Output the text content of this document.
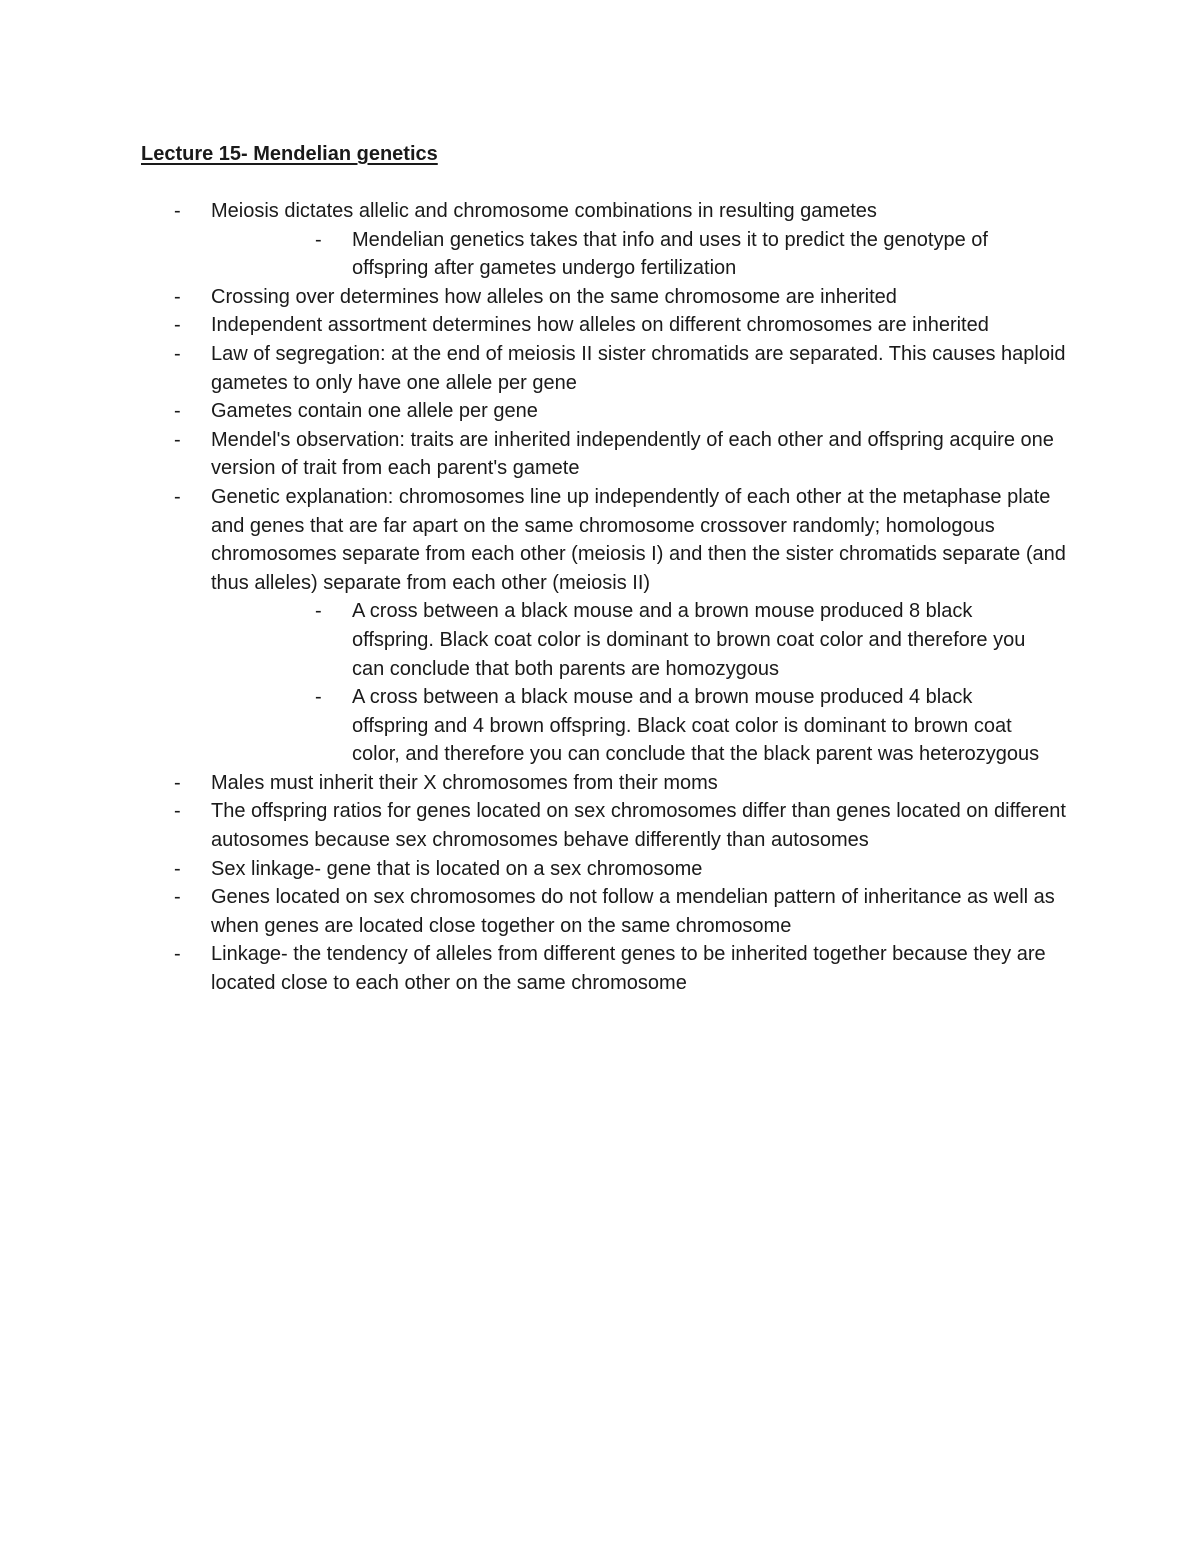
Lecture 15- Mendelian genetics
- Meiosis dictates allelic and chromosome combinations in resulting gametes
- Mendelian genetics takes that info and uses it to predict the genotype of offspring after gametes undergo fertilization
- Crossing over determines how alleles on the same chromosome are inherited
- Independent assortment determines how alleles on different chromosomes are inherited
- Law of segregation: at the end of meiosis II sister chromatids are separated. This causes haploid gametes to only have one allele per gene
- Gametes contain one allele per gene
- Mendel's observation: traits are inherited independently of each other and offspring acquire one version of trait from each parent's gamete
- Genetic explanation: chromosomes line up independently of each other at the metaphase plate and genes that are far apart on the same chromosome crossover randomly; homologous chromosomes separate from each other (meiosis I) and then the sister chromatids separate (and thus alleles) separate from each other (meiosis II)
- A cross between a black mouse and a brown mouse produced 8 black offspring. Black coat color is dominant to brown coat color and therefore you can conclude that both parents are homozygous
- A cross between a black mouse and a brown mouse produced 4 black offspring and 4 brown offspring. Black coat color is dominant to brown coat color, and therefore you can conclude that the black parent was heterozygous
- Males must inherit their X chromosomes from their moms
- The offspring ratios for genes located on sex chromosomes differ than genes located on different autosomes because sex chromosomes behave differently than autosomes
- Sex linkage- gene that is located on a sex chromosome
- Genes located on sex chromosomes do not follow a mendelian pattern of inheritance as well as when genes are located close together on the same chromosome
- Linkage- the tendency of alleles from different genes to be inherited together because they are located close to each other on the same chromosome
